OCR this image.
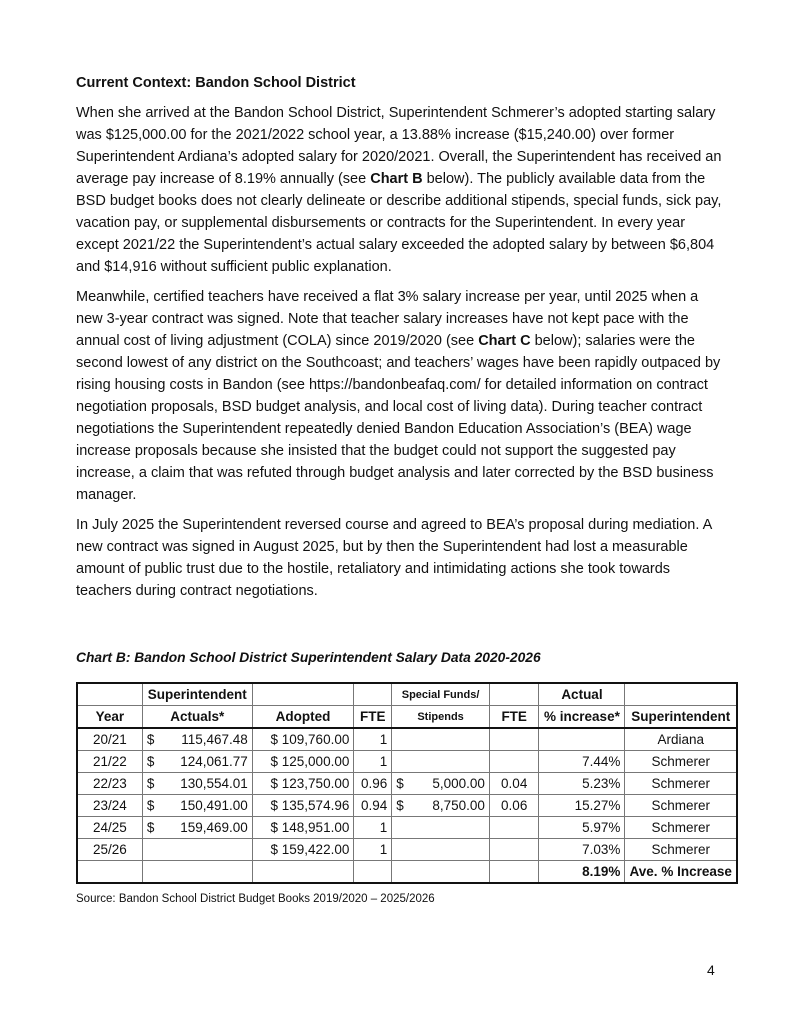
Current Context: Bandon School District

When she arrived at the Bandon School District, Superintendent Schmerer’s adopted starting salary was $125,000.00 for the 2021/2022 school year, a 13.88% increase ($15,240.00) over former Superintendent Ardiana’s adopted salary for 2020/2021. Overall, the Superintendent has received an average pay increase of 8.19% annually (see Chart B below). The publicly available data from the BSD budget books does not clearly delineate or describe additional stipends, special funds, sick pay, vacation pay, or supplemental disbursements or contracts for the Superintendent. In every year except 2021/22 the Superintendent’s actual salary exceeded the adopted salary by between $6,804 and $14,916 without sufficient public explanation.

Meanwhile, certified teachers have received a flat 3% salary increase per year, until 2025 when a new 3-year contract was signed. Note that teacher salary increases have not kept pace with the annual cost of living adjustment (COLA) since 2019/2020 (see Chart C below); salaries were the second lowest of any district on the Southcoast; and teachers’ wages have been rapidly outpaced by rising housing costs in Bandon (see https://bandonbeafaq.com/ for detailed information on contract negotiation proposals, BSD budget analysis, and local cost of living data). During teacher contract negotiations the Superintendent repeatedly denied Bandon Education Association’s (BEA) wage increase proposals because she insisted that the budget could not support the suggested pay increase, a claim that was refuted through budget analysis and later corrected by the BSD business manager.

In July 2025 the Superintendent reversed course and agreed to BEA’s proposal during mediation. A new contract was signed in August 2025, but by then the Superintendent had lost a measurable amount of public trust due to the hostile, retaliatory and intimidating actions she took towards teachers during contract negotiations.

Chart B: Bandon School District Superintendent Salary Data 2020-2026
	Superintendent			Special Funds/		Actual	
Year	Actuals*	Adopted	FTE	Stipends	FTE	% increase*	Superintendent
20/21	$ 115,467.48	$ 109,760.00	1				Ardiana
21/22	$ 124,061.77	$ 125,000.00	1			7.44%	Schmerer
22/23	$ 130,554.01	$ 123,750.00	0.96	$ 5,000.00	0.04	5.23%	Schmerer
23/24	$ 150,491.00	$ 135,574.96	0.94	$ 8,750.00	0.06	15.27%	Schmerer
24/25	$ 159,469.00	$ 148,951.00	1			5.97%	Schmerer
25/26		$ 159,422.00	1			7.03%	Schmerer
						8.19%	Ave. % Increase
Source: Bandon School District Budget Books 2019/2020 – 2025/2026
4
